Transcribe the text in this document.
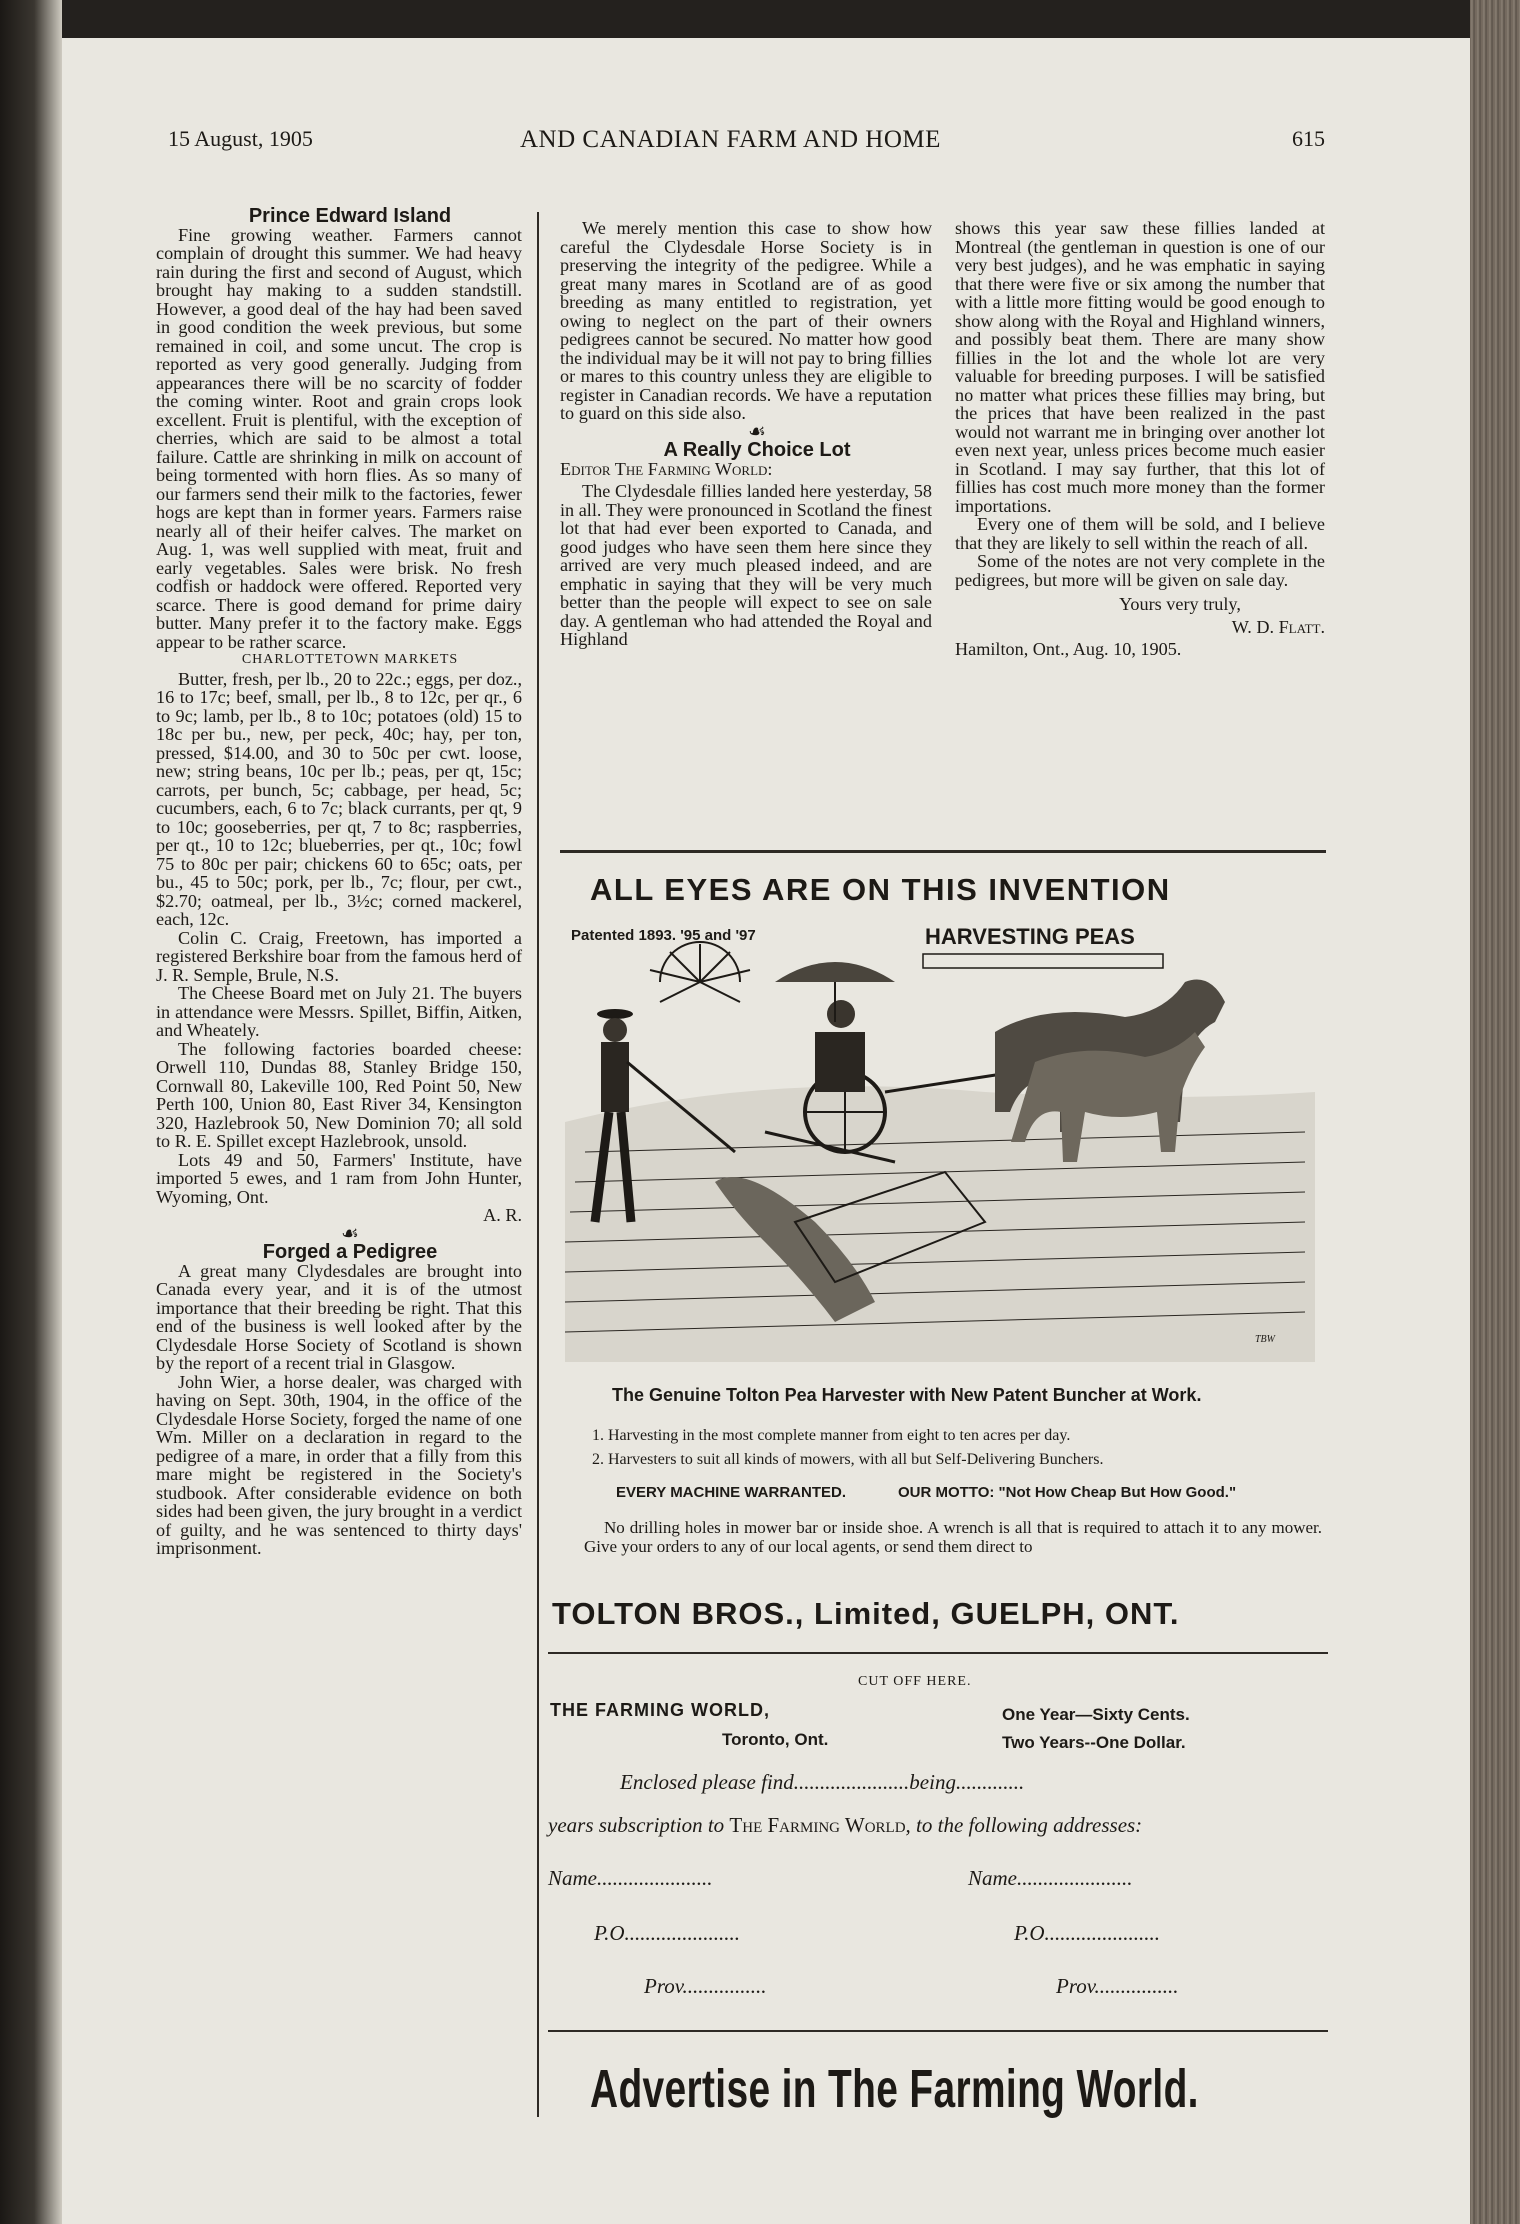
15 August, 1905	AND CANADIAN FARM AND HOME	615

Prince Edward Island

Fine growing weather. Farmers cannot complain of drought this summer. We had heavy rain during the first and second of August, which brought hay making to a sudden standstill. However, a good deal of the hay had been saved in good condition the week previous, but some remained in coil, and some uncut. The crop is reported as very good generally. Judging from appearances there will be no scarcity of fodder the coming winter. Root and grain crops look excellent. Fruit is plentiful, with the exception of cherries, which are said to be almost a total failure. Cattle are shrinking in milk on account of being tormented with horn flies. As so many of our farmers send their milk to the factories, fewer hogs are kept than in former years. Farmers raise nearly all of their heifer calves. The market on Aug. 1, was well supplied with meat, fruit and early vegetables. Sales were brisk. No fresh codfish or haddock were offered. Reported very scarce. There is good demand for prime dairy butter. Many prefer it to the factory make. Eggs appear to be rather scarce.

CHARLOTTETOWN MARKETS

Butter, fresh, per lb., 20 to 22c.; eggs, per doz., 16 to 17c; beef, small, per lb., 8 to 12c, per qr., 6 to 9c; lamb, per lb., 8 to 10c; potatoes (old) 15 to 18c per bu., new, per peck, 40c; hay, per ton, pressed, $14.00, and 30 to 50c per cwt. loose, new; string beans, 10c per lb.; peas, per qt, 15c; carrots, per bunch, 5c; cabbage, per head, 5c; cucumbers, each, 6 to 7c; black currants, per qt, 9 to 10c; gooseberries, per qt, 7 to 8c; raspberries, per qt., 10 to 12c; blueberries, per qt., 10c; fowl 75 to 80c per pair; chickens 60 to 65c; oats, per bu., 45 to 50c; pork, per lb., 7c; flour, per cwt., $2.70; oatmeal, per lb., 3½c; corned mackerel, each, 12c.

Colin C. Craig, Freetown, has imported a registered Berkshire boar from the famous herd of J. R. Semple, Brule, N.S.

The Cheese Board met on July 21. The buyers in attendance were Messrs. Spillet, Biffin, Aitken, and Wheately.

The following factories boarded cheese: Orwell 110, Dundas 88, Stanley Bridge 150, Cornwall 80, Lakeville 100, Red Point 50, New Perth 100, Union 80, East River 34, Kensington 320, Hazlebrook 50, New Dominion 70; all sold to R. E. Spillet except Hazlebrook, unsold.

Lots 49 and 50, Farmers' Institute, have imported 5 ewes, and 1 ram from John Hunter, Wyoming, Ont.

A. R.

☙

Forged a Pedigree

A great many Clydesdales are brought into Canada every year, and it is of the utmost importance that their breeding be right. That this end of the business is well looked after by the Clydesdale Horse Society of Scotland is shown by the report of a recent trial in Glasgow.

John Wier, a horse dealer, was charged with having on Sept. 30th, 1904, in the office of the Clydesdale Horse Society, forged the name of one Wm. Miller on a declaration in regard to the pedigree of a mare, in order that a filly from this mare might be registered in the Society's studbook. After considerable evidence on both sides had been given, the jury brought in a verdict of guilty, and he was sentenced to thirty days' imprisonment.

We merely mention this case to show how careful the Clydesdale Horse Society is in preserving the integrity of the pedigree. While a great many mares in Scotland are of as good breeding as many entitled to registration, yet owing to neglect on the part of their owners pedigrees cannot be secured. No matter how good the individual may be it will not pay to bring fillies or mares to this country unless they are eligible to register in Canadian records. We have a reputation to guard on this side also.

☙

A Really Choice Lot

Editor The Farming World:

The Clydesdale fillies landed here yesterday, 58 in all. They were pronounced in Scotland the finest lot that had ever been exported to Canada, and good judges who have seen them here since they arrived are very much pleased indeed, and are emphatic in saying that they will be very much better than the people will expect to see on sale day. A gentleman who had attended the Royal and Highland

shows this year saw these fillies landed at Montreal (the gentleman in question is one of our very best judges), and he was emphatic in saying that there were five or six among the number that with a little more fitting would be good enough to show along with the Royal and Highland winners, and possibly beat them. There are many show fillies in the lot and the whole lot are very valuable for breeding purposes. I will be satisfied no matter what prices these fillies may bring, but the prices that have been realized in the past would not warrant me in bringing over another lot even next year, unless prices become much easier in Scotland. I may say further, that this lot of fillies has cost much more money than the former importations.

Every one of them will be sold, and I believe that they are likely to sell within the reach of all.

Some of the notes are not very complete in the pedigrees, but more will be given on sale day.

Yours very truly,

W. D. Flatt.

Hamilton, Ont., Aug. 10, 1905.

ALL EYES ARE ON THIS INVENTION
Patented 1893. '95 and '97	HARVESTING PEAS
TBW
The Genuine Tolton Pea Harvester with New Patent Buncher at Work.
1. Harvesting in the most complete manner from eight to ten acres per day.
2. Harvesters to suit all kinds of mowers, with all but Self-Delivering Bunchers.
EVERY MACHINE WARRANTED.	OUR MOTTO: "Not How Cheap But How Good."
No drilling holes in mower bar or inside shoe. A wrench is all that is required to attach it to any mower. Give your orders to any of our local agents, or send them direct to
TOLTON BROS., Limited, GUELPH, ONT.
CUT OFF HERE.
THE FARMING WORLD,
Toronto, Ont.
One Year—Sixty Cents.
Two Years--One Dollar.
Enclosed please find......................being.............
years subscription to The Farming World, to the following addresses:
Name......................	Name......................
P.O......................	P.O......................
Prov................	Prov................
Advertise in The Farming World.
